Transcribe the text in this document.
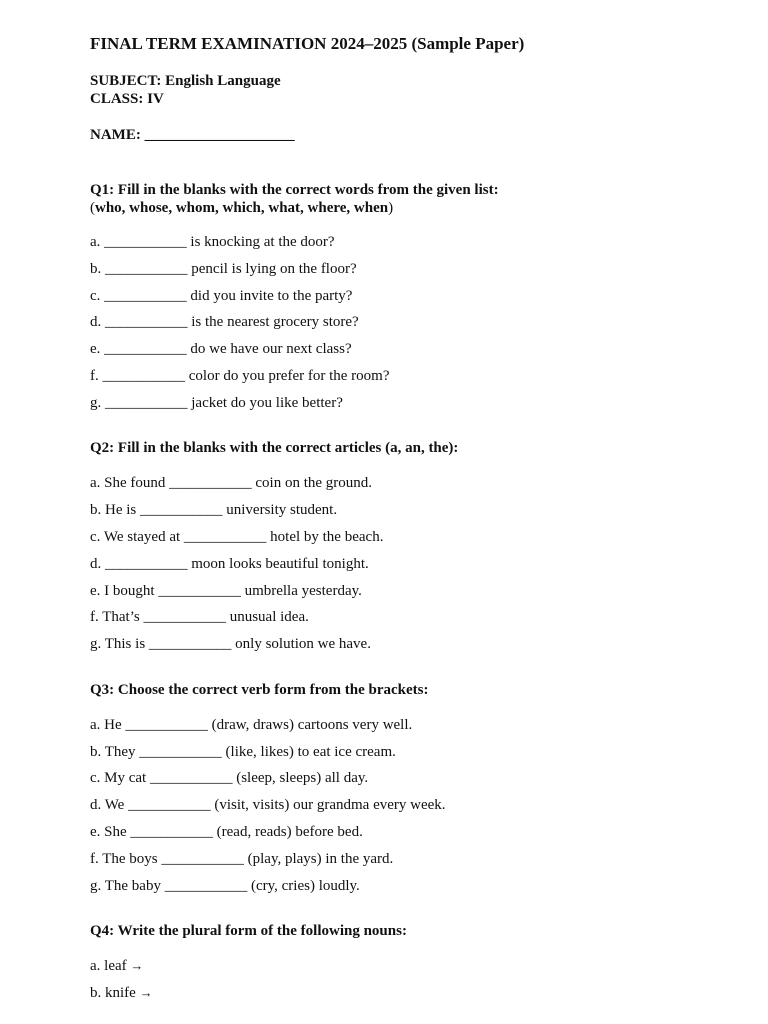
FINAL TERM EXAMINATION 2024–2025 (Sample Paper)
SUBJECT: English Language
CLASS: IV
NAME: ____________________
Q1: Fill in the blanks with the correct words from the given list:
(who, whose, whom, which, what, where, when)
a. ___________ is knocking at the door?
b. ___________ pencil is lying on the floor?
c. ___________ did you invite to the party?
d. ___________ is the nearest grocery store?
e. ___________ do we have our next class?
f. ___________ color do you prefer for the room?
g. ___________ jacket do you like better?
Q2: Fill in the blanks with the correct articles (a, an, the):
a. She found ___________ coin on the ground.
b. He is ___________ university student.
c. We stayed at ___________ hotel by the beach.
d. ___________ moon looks beautiful tonight.
e. I bought ___________ umbrella yesterday.
f. That’s ___________ unusual idea.
g. This is ___________ only solution we have.
Q3: Choose the correct verb form from the brackets:
a. He ___________ (draw, draws) cartoons very well.
b. They ___________ (like, likes) to eat ice cream.
c. My cat ___________ (sleep, sleeps) all day.
d. We ___________ (visit, visits) our grandma every week.
e. She ___________ (read, reads) before bed.
f. The boys ___________ (play, plays) in the yard.
g. The baby ___________ (cry, cries) loudly.
Q4: Write the plural form of the following nouns:
a. leaf →
b. knife →
